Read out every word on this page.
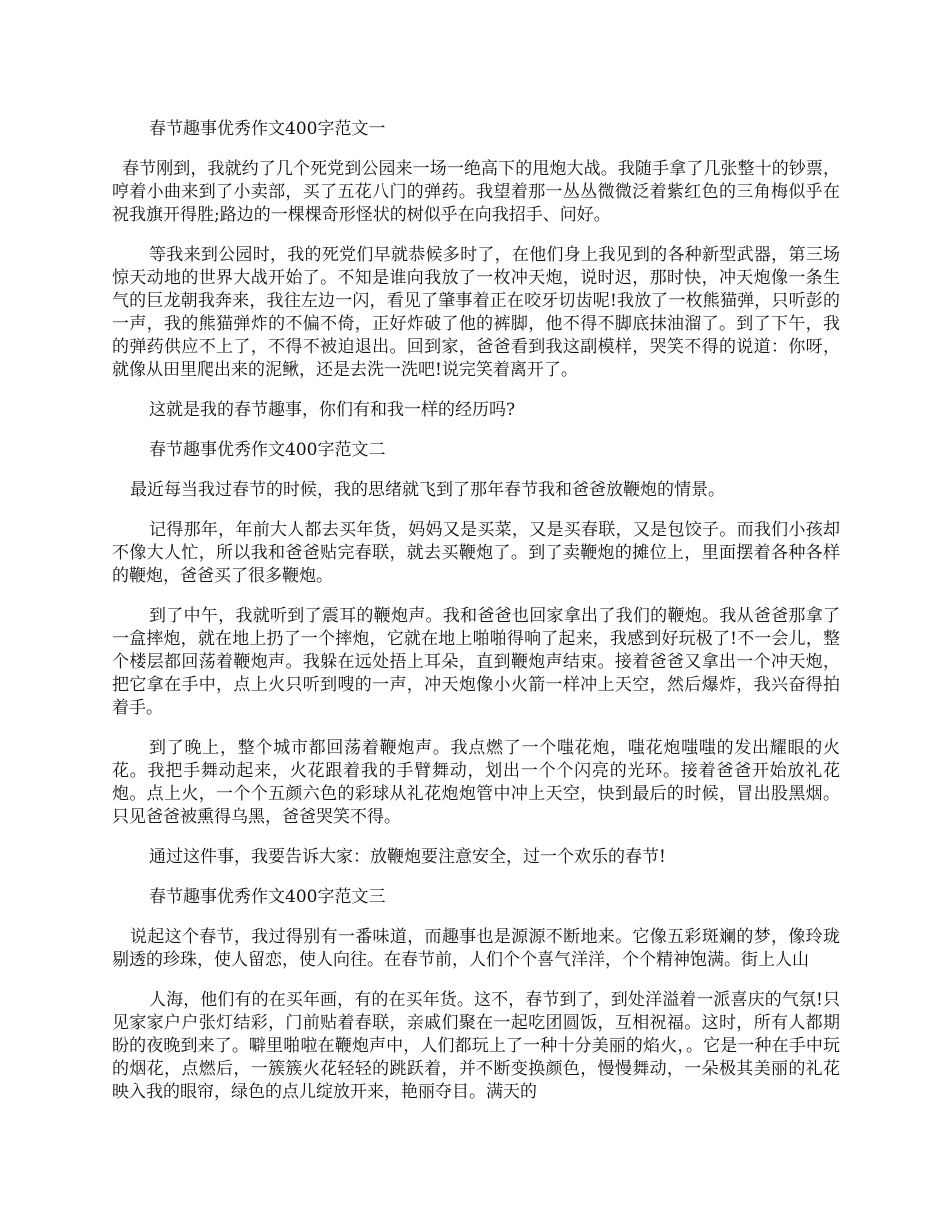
春节趣事优秀作文400字范文一

春节刚到，我就约了几个死党到公园来一场一绝高下的甩炮大战。我随手拿了几张整十的钞票，哼着小曲来到了小卖部，买了五花八门的弹药。我望着那一丛丛微微泛着紫红色的三角梅似乎在祝我旗开得胜;路边的一棵棵奇形怪状的树似乎在向我招手、问好。

等我来到公园时，我的死党们早就恭候多时了，在他们身上我见到的各种新型武器，第三场惊天动地的世界大战开始了。不知是谁向我放了一枚冲天炮，说时迟，那时快，冲天炮像一条生气的巨龙朝我奔来，我往左边一闪，看见了肇事着正在咬牙切齿呢!我放了一枚熊猫弹，只听彭的一声，我的熊猫弹炸的不偏不倚，正好炸破了他的裤脚，他不得不脚底抹油溜了。到了下午，我的弹药供应不上了，不得不被迫退出。回到家，爸爸看到我这副模样，哭笑不得的说道：你呀，就像从田里爬出来的泥鳅，还是去洗一洗吧!说完笑着离开了。

这就是我的春节趣事，你们有和我一样的经历吗?

春节趣事优秀作文400字范文二

最近每当我过春节的时候，我的思绪就飞到了那年春节我和爸爸放鞭炮的情景。

记得那年，年前大人都去买年货，妈妈又是买菜，又是买春联，又是包饺子。而我们小孩却不像大人忙，所以我和爸爸贴完春联，就去买鞭炮了。到了卖鞭炮的摊位上，里面摆着各种各样的鞭炮，爸爸买了很多鞭炮。

到了中午，我就听到了震耳的鞭炮声。我和爸爸也回家拿出了我们的鞭炮。我从爸爸那拿了一盒摔炮，就在地上扔了一个摔炮，它就在地上啪啪得响了起来，我感到好玩极了!不一会儿，整个楼层都回荡着鞭炮声。我躲在远处捂上耳朵，直到鞭炮声结束。接着爸爸又拿出一个冲天炮，把它拿在手中，点上火只听到嗖的一声，冲天炮像小火箭一样冲上天空，然后爆炸，我兴奋得拍着手。

到了晚上，整个城市都回荡着鞭炮声。我点燃了一个嗤花炮，嗤花炮嗤嗤的发出耀眼的火花。我把手舞动起来，火花跟着我的手臂舞动，划出一个个闪亮的光环。接着爸爸开始放礼花炮。点上火，一个个五颜六色的彩球从礼花炮炮管中冲上天空，快到最后的时候，冒出股黑烟。只见爸爸被熏得乌黑，爸爸哭笑不得。

通过这件事，我要告诉大家：放鞭炮要注意安全，过一个欢乐的春节!

春节趣事优秀作文400字范文三

说起这个春节，我过得别有一番味道，而趣事也是源源不断地来。它像五彩斑斓的梦，像玲珑剔透的珍珠，使人留恋，使人向往。在春节前，人们个个喜气洋洋，个个精神饱满。街上人山

人海，他们有的在买年画，有的在买年货。这不，春节到了，到处洋溢着一派喜庆的气氛!只见家家户户张灯结彩，门前贴着春联，亲戚们聚在一起吃团圆饭，互相祝福。这时，所有人都期盼的夜晚到来了。噼里啪啦在鞭炮声中，人们都玩上了一种十分美丽的焰火，。它是一种在手中玩的烟花，点燃后，一簇簇火花轻轻的跳跃着，并不断变换颜色，慢慢舞动，一朵极其美丽的礼花映入我的眼帘，绿色的点儿绽放开来，艳丽夺目。满天的
